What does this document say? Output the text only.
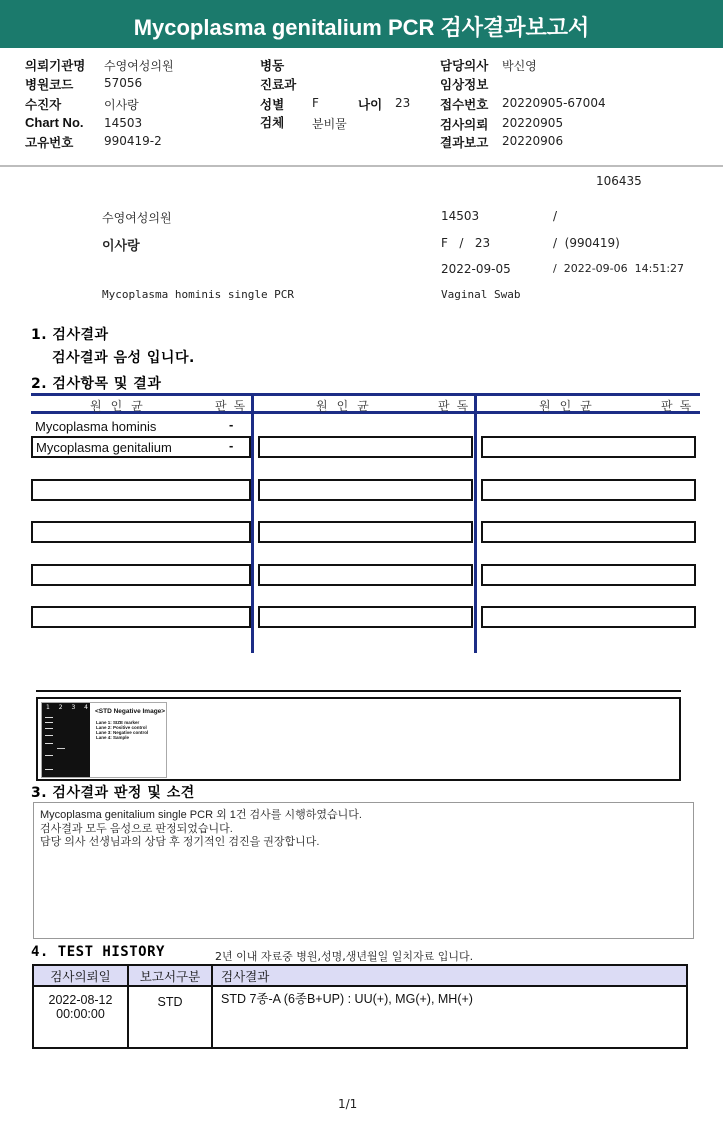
Mycoplasma genitalium PCR 검사결과보고서
의뢰기관명 수영여성의원
병원코드	57056
수진자	이사랑
Chart No. 14503
고유번호	990419-2
병동
진료과
성별 F	나이 23
검체 분비물
담당의사 박신영
임상정보
접수번호 20220905-67004
검사의뢰 20220905
결과보고 20220906
106435
수영여성의원	14503	/
이사랑	F   /   23	/  (990419)
2022-09-05	/  2022-09-06  14:51:27
Mycoplasma hominis single PCR	Vaginal Swab
1. 검사결과
검사결과 음성 입니다.
2. 검사항목 및 결과
원인균	판독	원인균	판독	원인균	판독
Mycoplasma hominis	-
Mycoplasma genitalium	-
1 2 3 4
<STD Negative Image>
Lane 1: SIZE marker
Lane 2: Positive control
Lane 3: Negative control
Lane 4: Sample
3. 검사결과 판정 및 소견
Mycoplasma genitalium single PCR 외 1건 검사를 시행하였습니다.
검사결과 모두 음성으로 판정되었습니다.
담당 의사 선생님과의 상담 후 정기적인 검진을 권장합니다.
4. TEST HISTORY	2년 이내 자료중 병원,성명,생년월일 일치자료 입니다.
검사의뢰일	보고서구분	검사결과

2022-08-12
00:00:00	STD	STD 7종-A (6종B+UP) : UU(+), MG(+), MH(+)
1/1
